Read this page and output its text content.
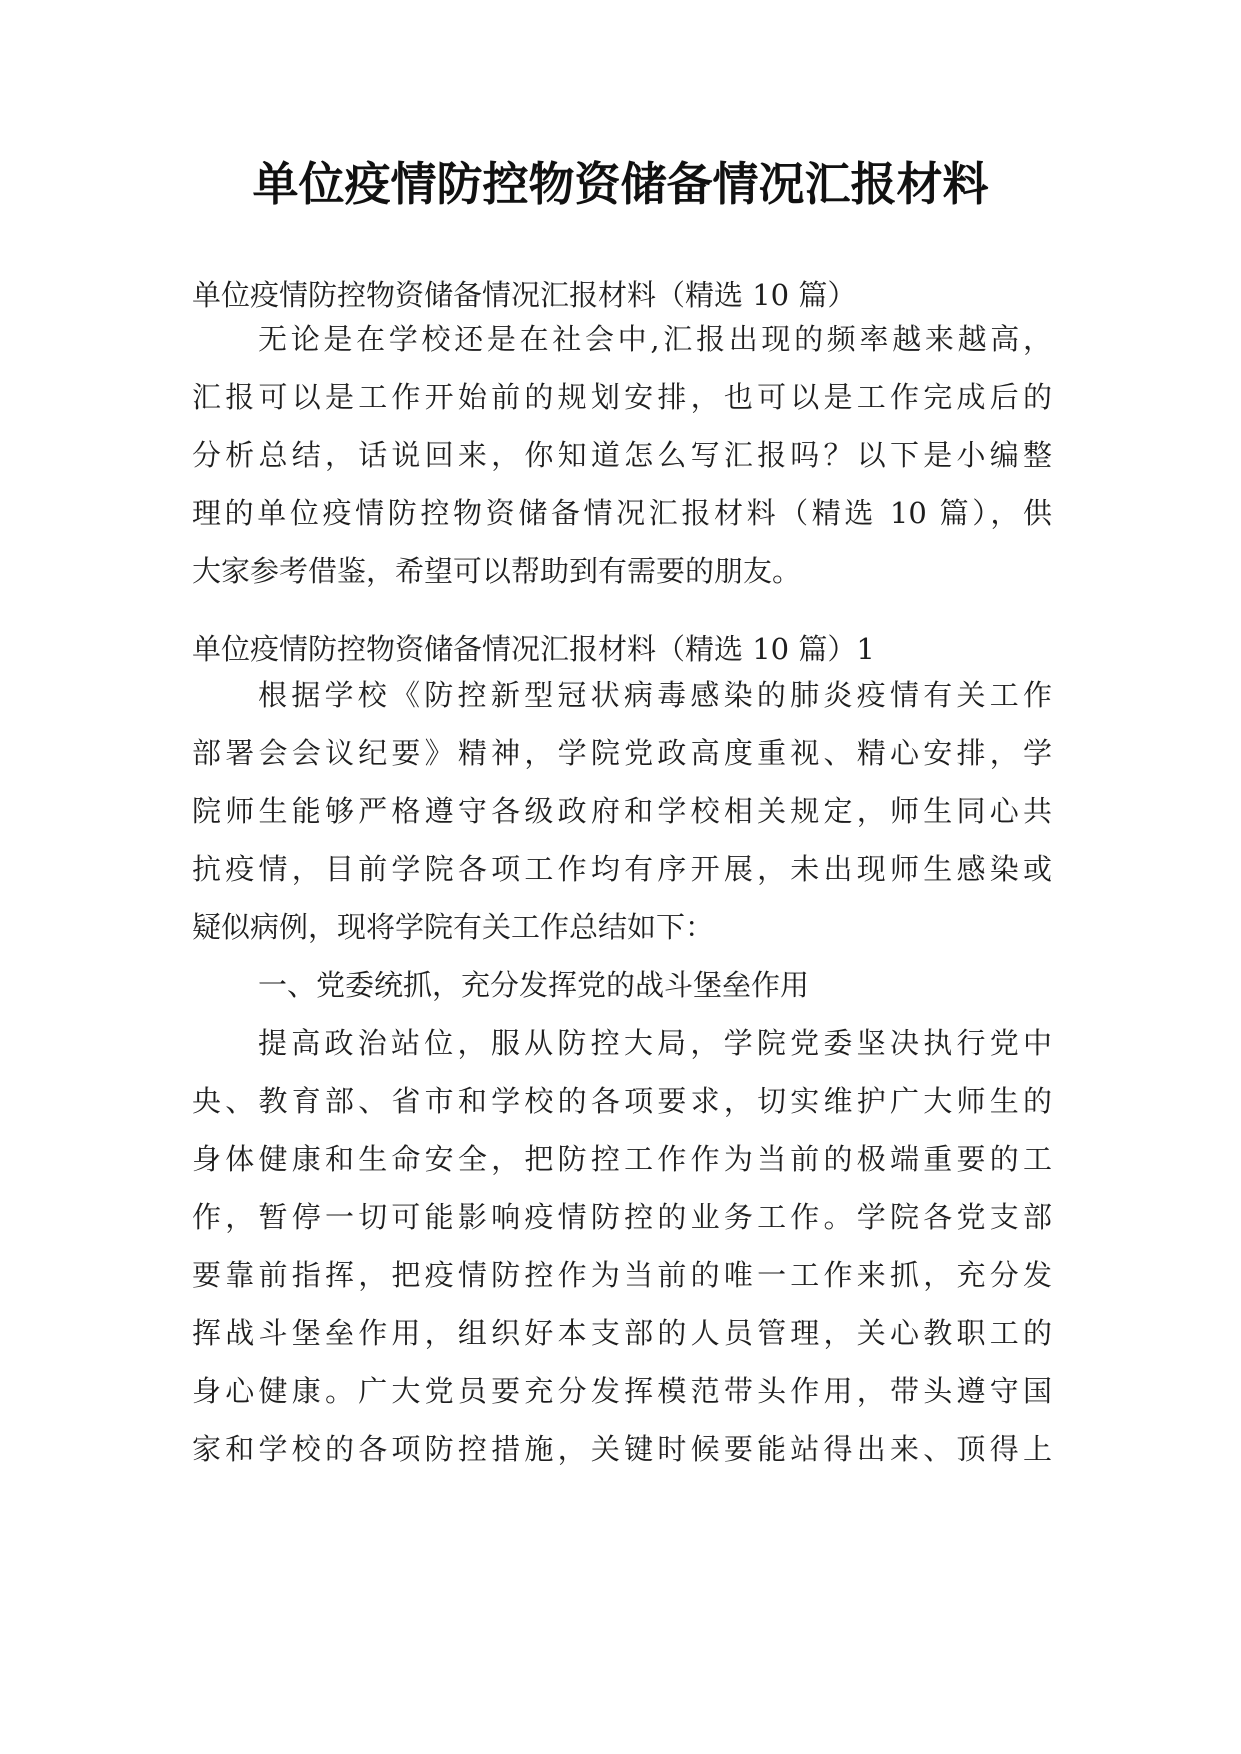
单位疫情防控物资储备情况汇报材料
单位疫情防控物资储备情况汇报材料（精选 10 篇）
无论是在学校还是在社会中,汇报出现的频率越来越高，
汇报可以是工作开始前的规划安排，也可以是工作完成后的
分析总结，话说回来，你知道怎么写汇报吗？以下是小编整
理的单位疫情防控物资储备情况汇报材料（精选 10 篇），供
大家参考借鉴，希望可以帮助到有需要的朋友。
单位疫情防控物资储备情况汇报材料（精选 10 篇）1
根据学校《防控新型冠状病毒感染的肺炎疫情有关工作
部署会会议纪要》精神，学院党政高度重视、精心安排，学
院师生能够严格遵守各级政府和学校相关规定，师生同心共
抗疫情，目前学院各项工作均有序开展，未出现师生感染或
疑似病例，现将学院有关工作总结如下：
一、党委统抓，充分发挥党的战斗堡垒作用
提高政治站位，服从防控大局，学院党委坚决执行党中
央、教育部、省市和学校的各项要求，切实维护广大师生的
身体健康和生命安全，把防控工作作为当前的极端重要的工
作，暂停一切可能影响疫情防控的业务工作。学院各党支部
要靠前指挥，把疫情防控作为当前的唯一工作来抓，充分发
挥战斗堡垒作用，组织好本支部的人员管理，关心教职工的
身心健康。广大党员要充分发挥模范带头作用，带头遵守国
家和学校的各项防控措施，关键时候要能站得出来、顶得上
